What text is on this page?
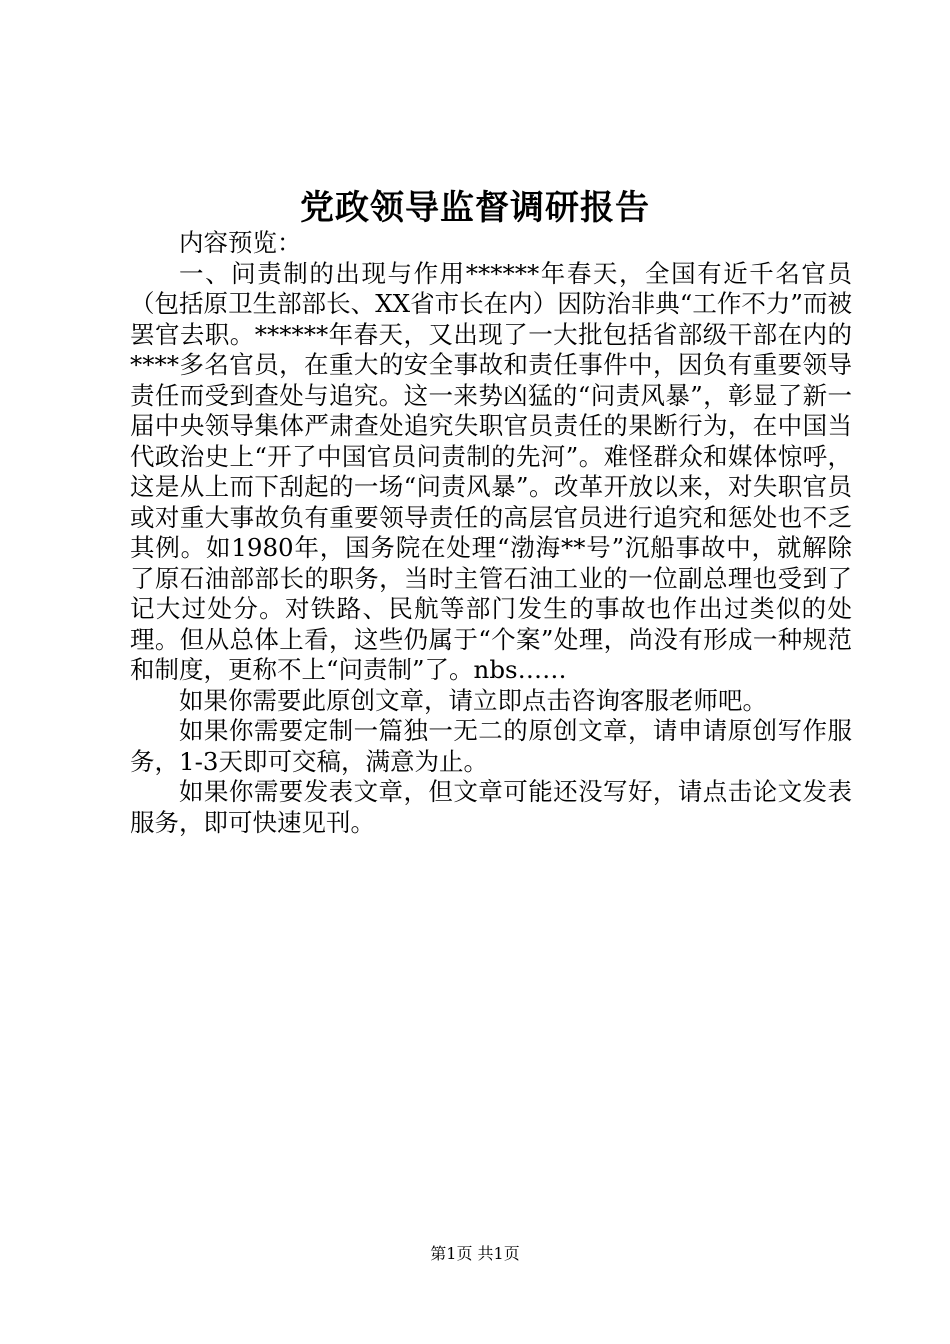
党政领导监督调研报告

内容预览：

一、问责制的出现与作用******年春天，全国有近千名官员（包括原卫生部部长、XX省市长在内）因防治非典“工作不力”而被罢官去职。******年春天，又出现了一大批包括省部级干部在内的****多名官员，在重大的安全事故和责任事件中，因负有重要领导责任而受到查处与追究。这一来势凶猛的“问责风暴”，彰显了新一届中央领导集体严肃查处追究失职官员责任的果断行为，在中国当代政治史上“开了中国官员问责制的先河”。难怪群众和媒体惊呼，这是从上而下刮起的一场“问责风暴”。改革开放以来，对失职官员或对重大事故负有重要领导责任的高层官员进行追究和惩处也不乏其例。如1980年，国务院在处理“渤海**号”沉船事故中，就解除了原石油部部长的职务，当时主管石油工业的一位副总理也受到了记大过处分。对铁路、民航等部门发生的事故也作出过类似的处理。但从总体上看，这些仍属于“个案”处理，尚没有形成一种规范和制度，更称不上“问责制”了。nbs……

如果你需要此原创文章，请立即点击咨询客服老师吧。

如果你需要定制一篇独一无二的原创文章，请申请原创写作服务，1-3天即可交稿，满意为止。

如果你需要发表文章，但文章可能还没写好，请点击论文发表服务，即可快速见刊。

第1页 共1页
